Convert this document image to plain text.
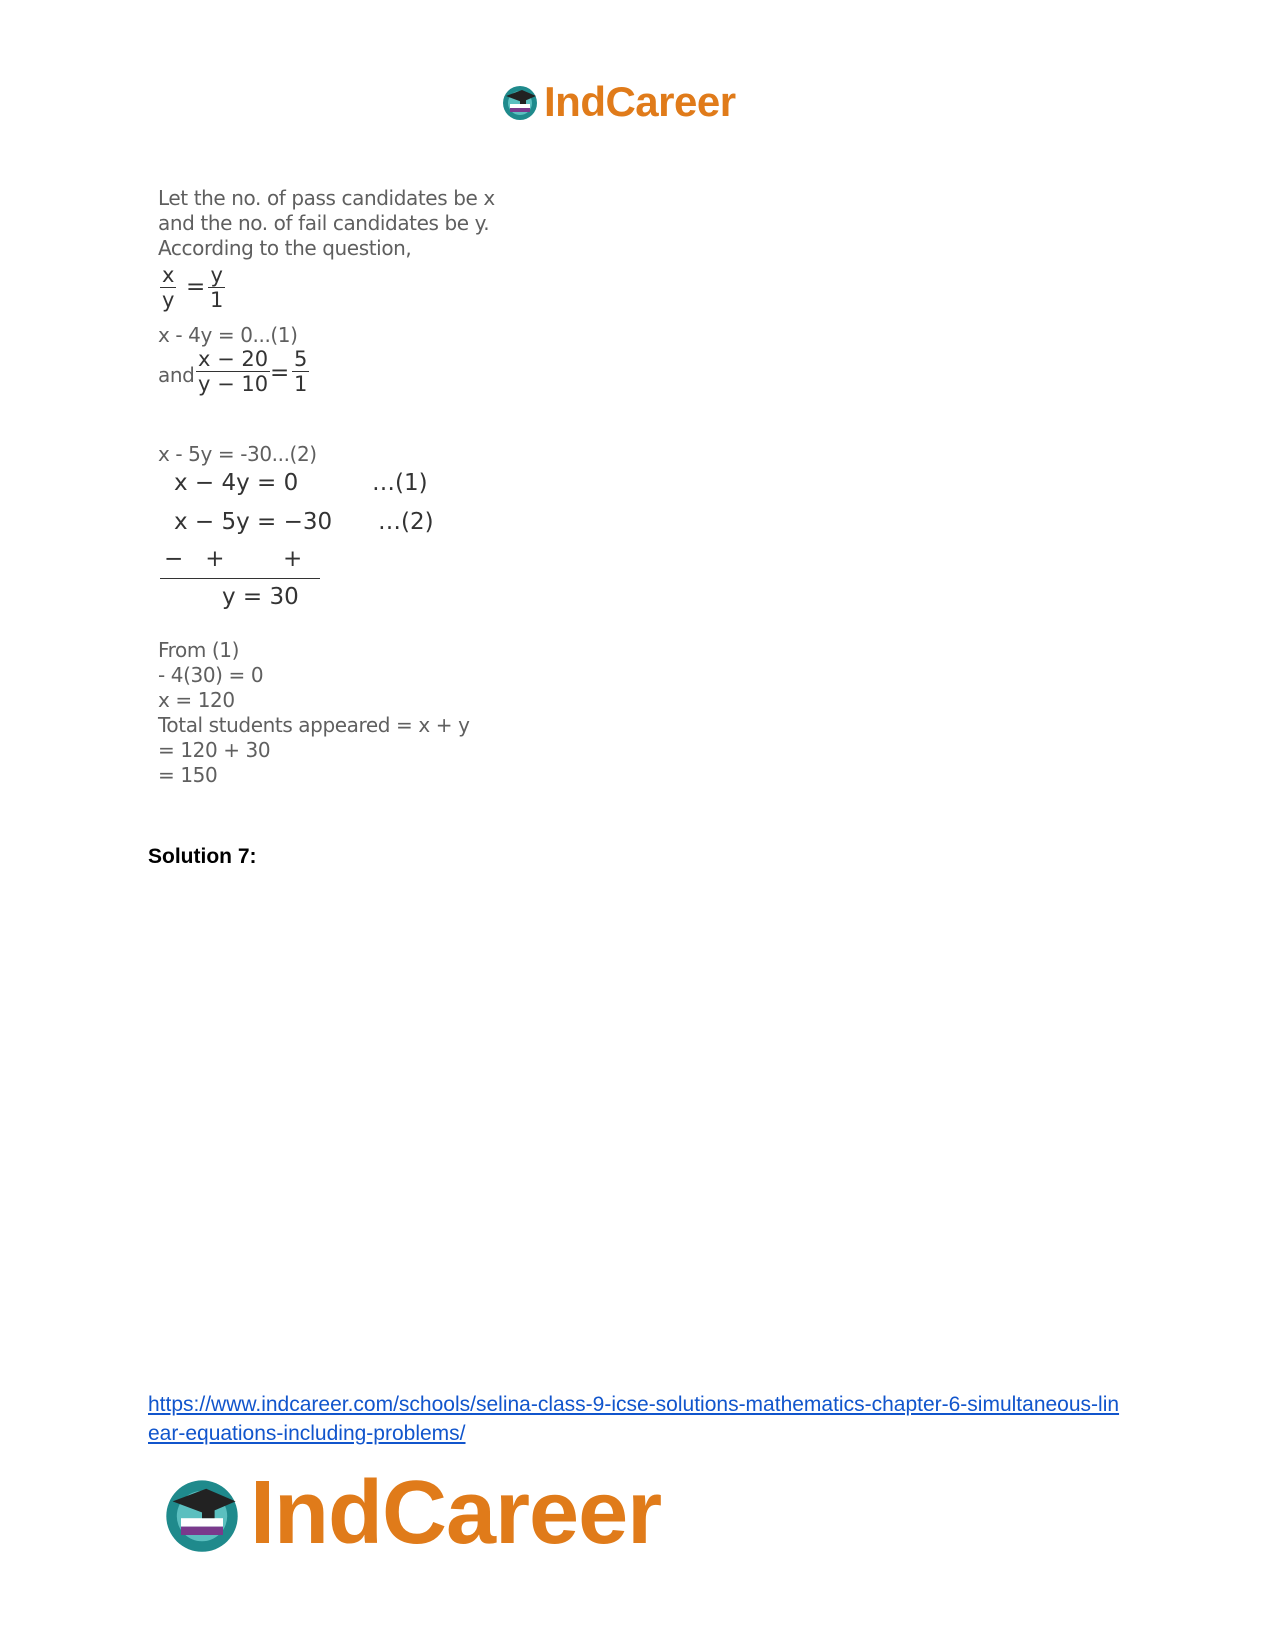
IndCareer
Let the no. of pass candidates be x
and the no. of fail candidates be y.
According to the question,
$\frac{x}{y} = \frac{y}{1}$
x - 4y = 0...(1)
and $\frac{x - 20}{y - 10} = \frac{5}{1}$
x - 5y = -30...(2)
x − 4y = 0	…(1)
x − 5y = −30 …(2)
−   +        +
y = 30
From (1)
- 4(30) = 0
x = 120
Total students appeared = x + y
= 120 + 30
= 150
Solution 7:
https://www.indcareer.com/schools/selina-class-9-icse-solutions-mathematics-chapter-6-simultaneous-linear-equations-including-problems/
IndCareer
